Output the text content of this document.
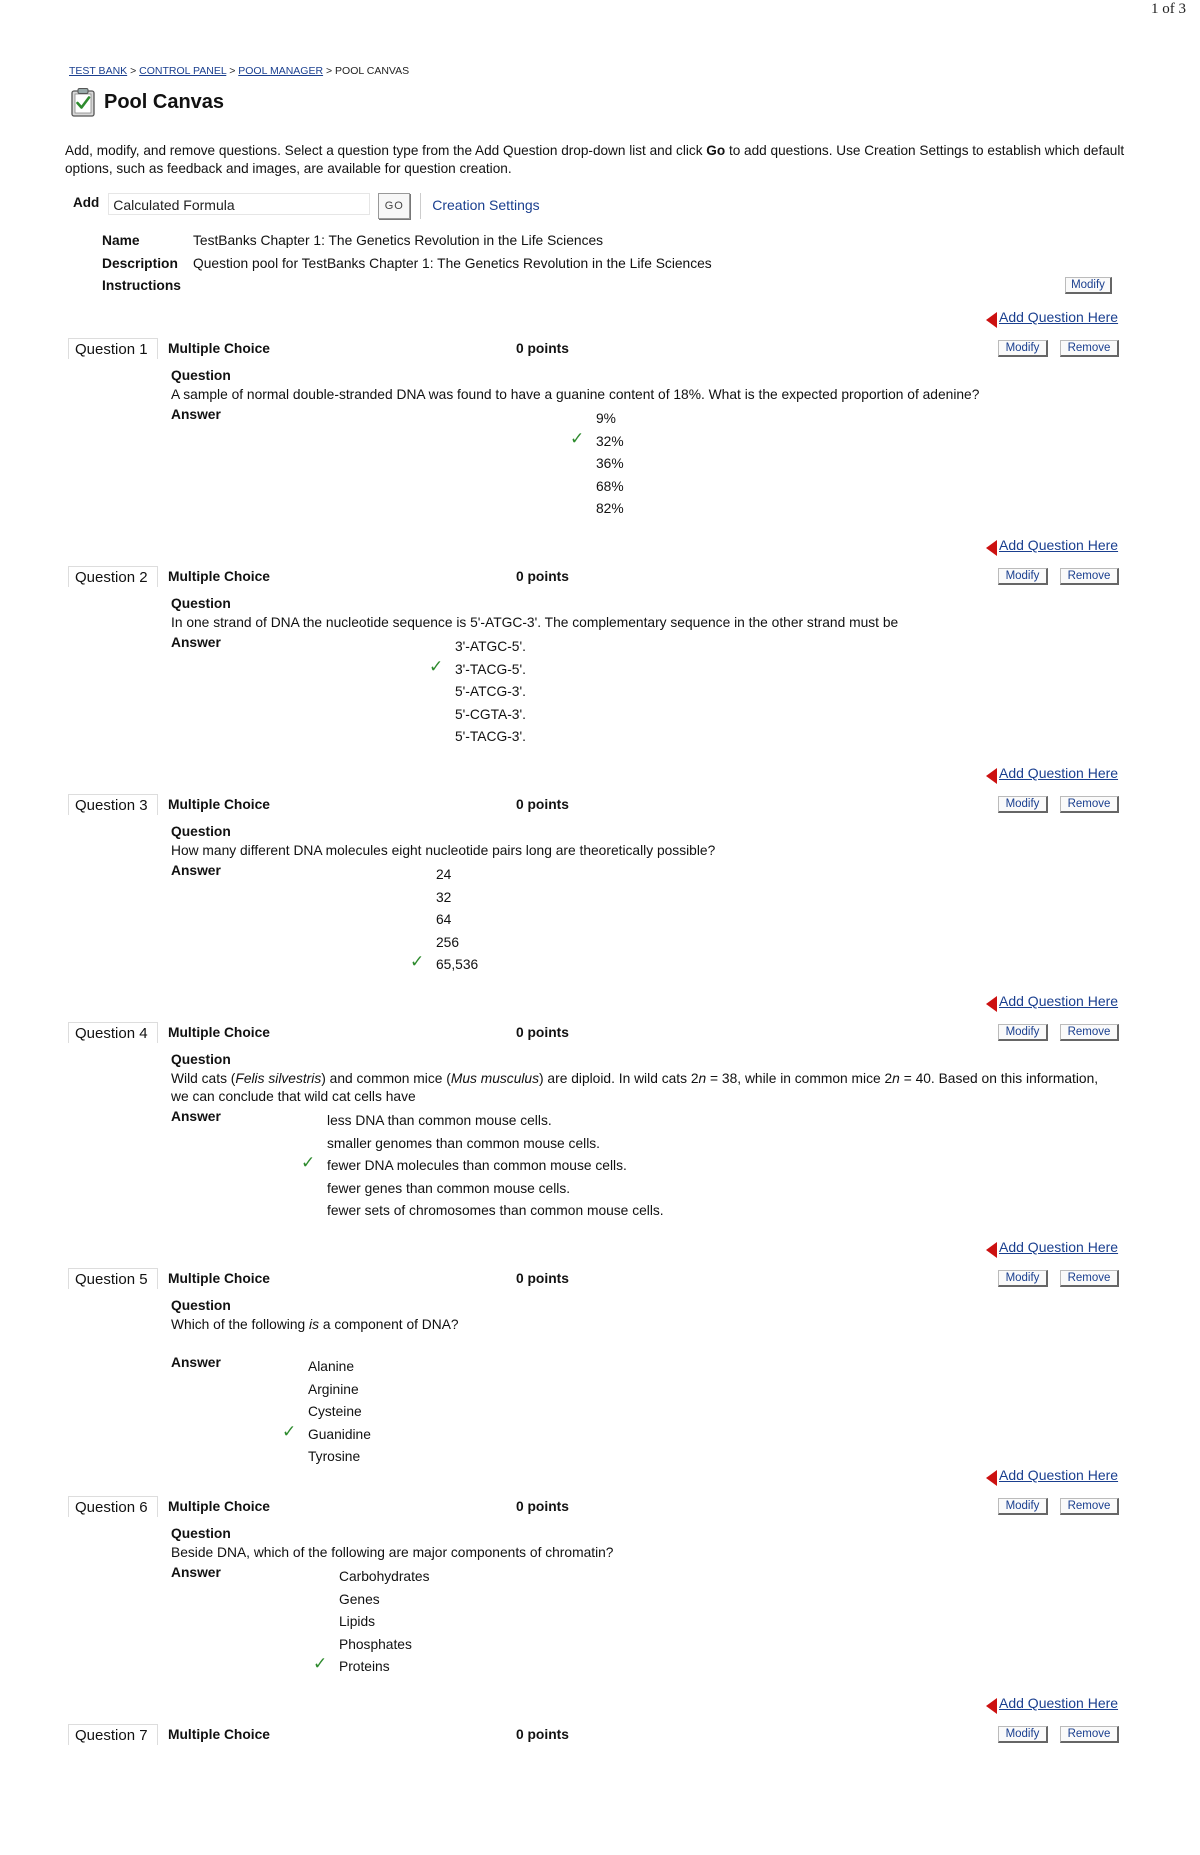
1 of 3
TEST BANK > CONTROL PANEL > POOL MANAGER > POOL CANVAS
Pool Canvas
Add, modify, and remove questions. Select a question type from the Add Question drop-down list and click Go to add questions. Use Creation Settings to establish which default options, such as feedback and images, are available for question creation.
Add	Calculated Formula	GO	Creation Settings
Name	TestBanks Chapter 1: The Genetics Revolution in the Life Sciences
Description Question pool for TestBanks Chapter 1: The Genetics Revolution in the Life Sciences
Instructions	Modify
Add Question Here
Question 1	Multiple Choice	0 points	Modify	Remove
Question
A sample of normal double-stranded DNA was found to have a guanine content of 18%. What is the expected proportion of adenine?
Answer	9%
32%
✓
36%
68%
82%
Add Question Here
Question 2	Multiple Choice	0 points	Modify	Remove
Question
In one strand of DNA the nucleotide sequence is 5'-ATGC-3'. The complementary sequence in the other strand must be
Answer	3'-ATGC-5'.
3'-TACG-5'.
✓
5'-ATCG-3'.
5'-CGTA-3'.
5'-TACG-3'.
Add Question Here
Question 3	Multiple Choice	0 points	Modify	Remove
Question
How many different DNA molecules eight nucleotide pairs long are theoretically possible?
Answer	24
32
64
256
65,536
✓
Add Question Here
Question 4	Multiple Choice	0 points	Modify	Remove
Question
Wild cats (Felis silvestris) and common mice (Mus musculus) are diploid. In wild cats 2n = 38, while in common mice 2n = 40. Based on this information, we can conclude that wild cat cells have
Answer	less DNA than common mouse cells.
smaller genomes than common mouse cells.
fewer DNA molecules than common mouse cells.
✓
fewer genes than common mouse cells.
fewer sets of chromosomes than common mouse cells.
Add Question Here
Question 5	Multiple Choice	0 points	Modify	Remove
Question
Which of the following is a component of DNA?
Answer	Alanine
Arginine
Cysteine
Guanidine
✓
Tyrosine
Add Question Here
Question 6	Multiple Choice	0 points	Modify	Remove
Question
Beside DNA, which of the following are major components of chromatin?
Answer	Carbohydrates
Genes
Lipids
Phosphates
Proteins
✓
Add Question Here
Question 7	Multiple Choice	0 points	Modify	Remove
